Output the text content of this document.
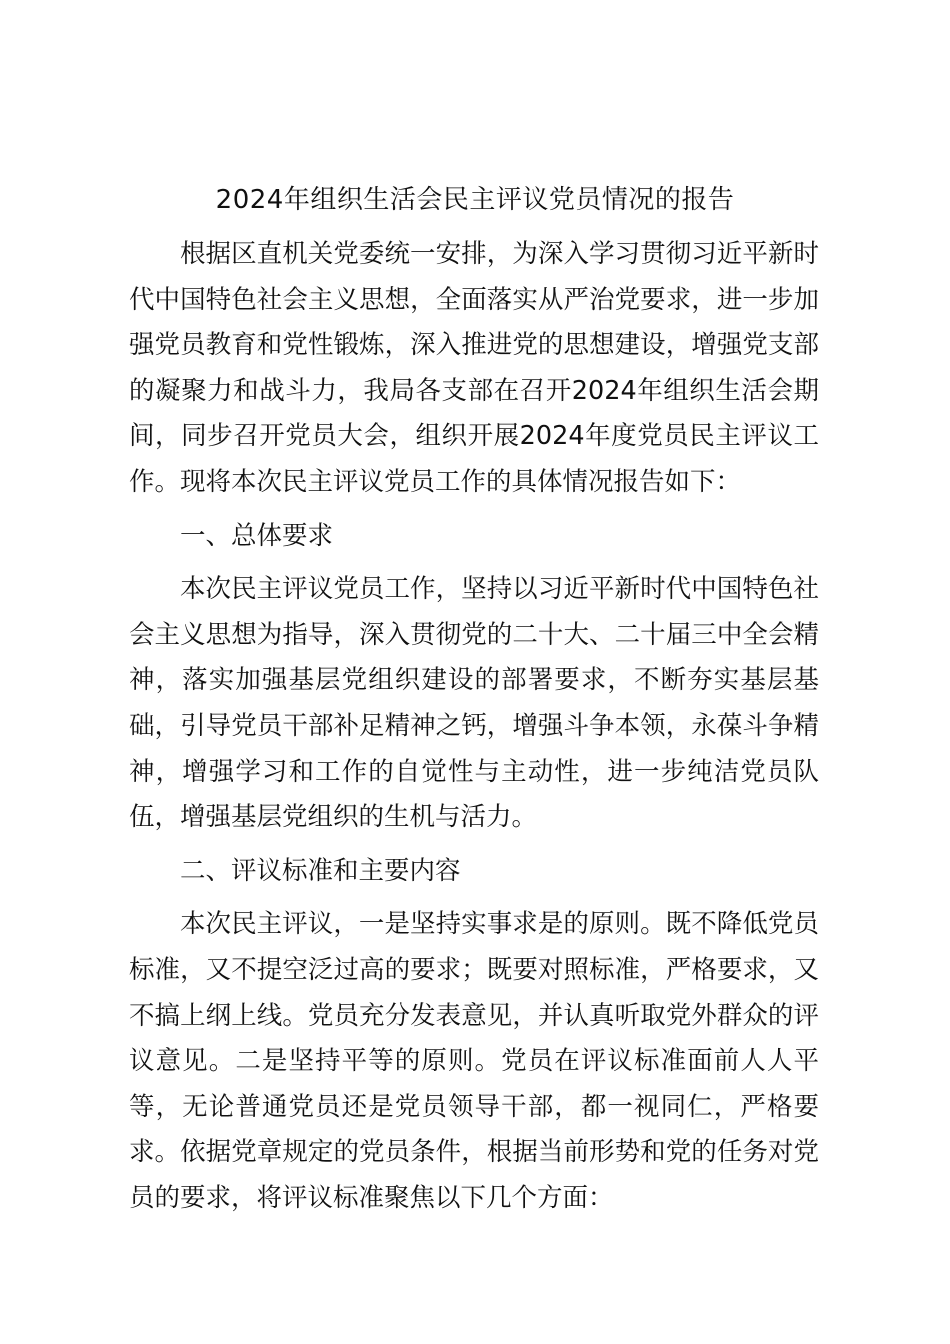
2024年组织生活会民主评议党员情况的报告

根据区直机关党委统一安排，为深入学习贯彻习近平新时代中国特色社会主义思想，全面落实从严治党要求，进一步加强党员教育和党性锻炼，深入推进党的思想建设，增强党支部的凝聚力和战斗力，我局各支部在召开2024年组织生活会期间，同步召开党员大会，组织开展2024年度党员民主评议工作。现将本次民主评议党员工作的具体情况报告如下：

一、总体要求

本次民主评议党员工作，坚持以习近平新时代中国特色社会主义思想为指导，深入贯彻党的二十大、二十届三中全会精神，落实加强基层党组织建设的部署要求，不断夯实基层基础，引导党员干部补足精神之钙，增强斗争本领，永葆斗争精神，增强学习和工作的自觉性与主动性，进一步纯洁党员队伍，增强基层党组织的生机与活力。

二、评议标准和主要内容

本次民主评议，一是坚持实事求是的原则。既不降低党员标准，又不提空泛过高的要求；既要对照标准，严格要求，又不搞上纲上线。党员充分发表意见，并认真听取党外群众的评议意见。二是坚持平等的原则。党员在评议标准面前人人平等，无论普通党员还是党员领导干部，都一视同仁，严格要求。依据党章规定的党员条件，根据当前形势和党的任务对党员的要求，将评议标准聚焦以下几个方面：
